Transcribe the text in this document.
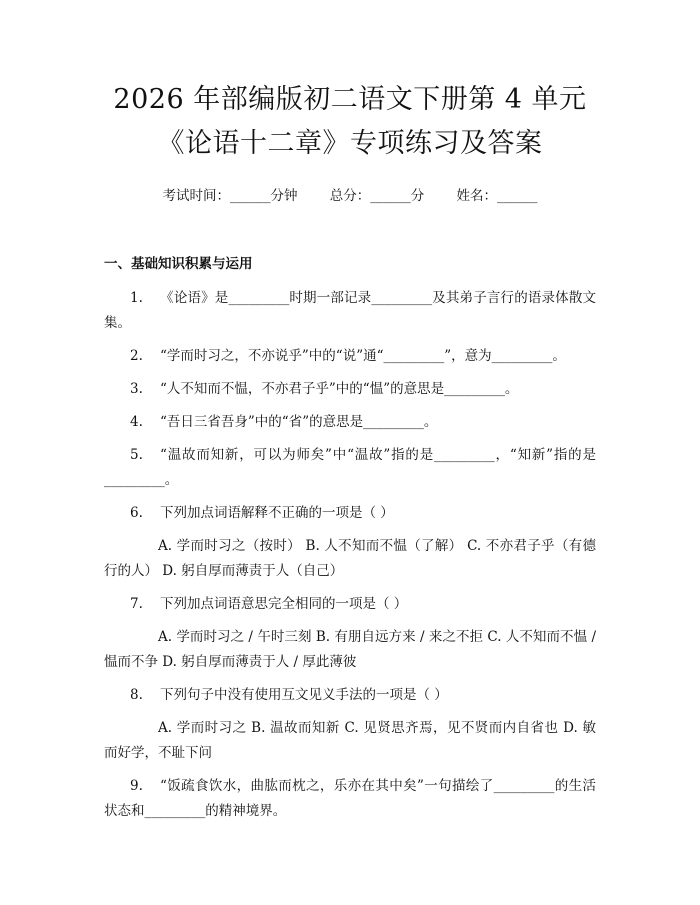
2026 年部编版初二语文下册第 4 单元《论语十二章》专项练习及答案
考试时间：______分钟 总分：______分 姓名：______
一、基础知识积累与运用

1. 《论语》是_________时期一部记录_________及其弟子言行的语录体散文集。

2. “学而时习之，不亦说乎”中的“说”通“_________”，意为_________。

3. “人不知而不愠，不亦君子乎”中的“愠”的意思是_________。

4. “吾日三省吾身”中的“省”的意思是_________。

5. “温故而知新，可以为师矣”中“温故”指的是_________，“知新”指的是_________。

6. 下列加点词语解释不正确的一项是（ ）

A. 学而时习之（按时） B. 人不知而不愠（了解） C. 不亦君子乎（有德行的人） D. 躬自厚而薄责于人（自己）

7. 下列加点词语意思完全相同的一项是（ ）

A. 学而时习之 / 午时三刻 B. 有朋自远方来 / 来之不拒 C. 人不知而不愠 / 愠而不争 D. 躬自厚而薄责于人 / 厚此薄彼

8. 下列句子中没有使用互文见义手法的一项是（ ）

A. 学而时习之 B. 温故而知新 C. 见贤思齐焉，见不贤而内自省也 D. 敏而好学，不耻下问

9. “饭疏食饮水，曲肱而枕之，乐亦在其中矣”一句描绘了_________的生活状态和_________的精神境界。
